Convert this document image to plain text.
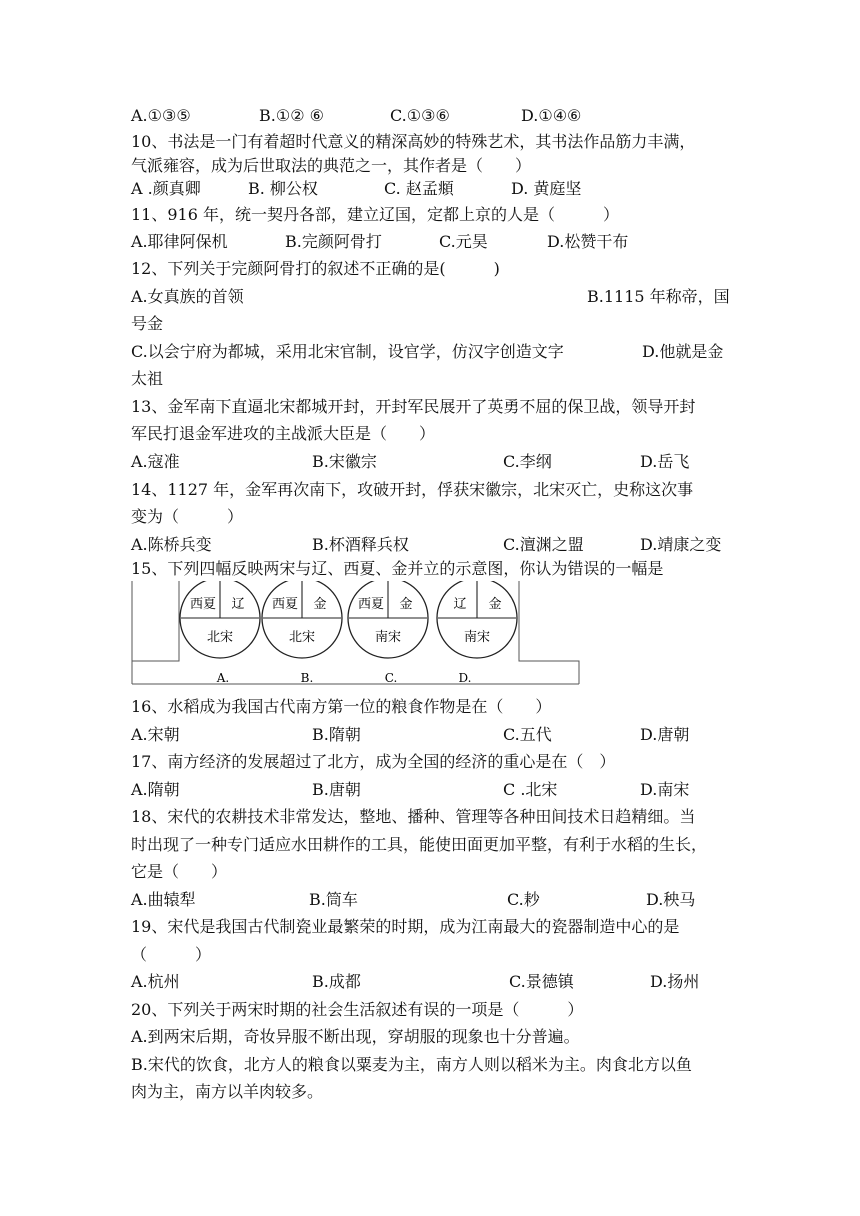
A.①③⑤	B.①② ⑥	C.①③⑥	D.①④⑥
10、书法是一门有着超时代意义的精深高妙的特殊艺术，其书法作品筋力丰满，
气派雍容，成为后世取法的典范之一，其作者是（　　）
A .颜真卿	B. 柳公权	C. 赵孟頫	D. 黄庭坚
11、916 年，统一契丹各部，建立辽国，定都上京的人是（　　　）
A.耶律阿保机	B.完颜阿骨打	C.元昊	D.松赞干布
12、下列关于完颜阿骨打的叙述不正确的是(　　　)
A.女真族的首领	B.1115 年称帝，国
号金
C.以会宁府为都城，采用北宋官制，设官学，仿汉字创造文字	D.他就是金
太祖
13、金军南下直逼北宋都城开封，开封军民展开了英勇不屈的保卫战，领导开封
军民打退金军进攻的主战派大臣是（　　）
A.寇准	B.宋徽宗	C.李纲	D.岳飞
14、1127 年，金军再次南下，攻破开封，俘获宋徽宗，北宋灭亡，史称这次事
变为（　　　）
A.陈桥兵变	B.杯酒释兵权	C.澶渊之盟	D.靖康之变
15、下列四幅反映两宋与辽、西夏、金并立的示意图，你认为错误的一幅是
西夏 辽
北宋
A.
西夏 金
北宋
B.
西夏 金
南宋
C.
辽 金
南宋
D.
16、水稻成为我国古代南方第一位的粮食作物是在（　　）
A.宋朝	B.隋朝	C.五代	D.唐朝
17、南方经济的发展超过了北方，成为全国的经济的重心是在（　）
A.隋朝	B.唐朝	C .北宋	D.南宋
18、宋代的农耕技术非常发达，整地、播种、管理等各种田间技术日趋精细。当
时出现了一种专门适应水田耕作的工具，能使田面更加平整，有利于水稻的生长，
它是（　　）
A.曲辕犁	B.筒车	C.耖	D.秧马
19、宋代是我国古代制瓷业最繁荣的时期，成为江南最大的瓷器制造中心的是
（　　　）
A.杭州	B.成都	C.景德镇	D.扬州
20、下列关于两宋时期的社会生活叙述有误的一项是（　　　）
A.到两宋后期，奇妆异服不断出现，穿胡服的现象也十分普遍。
B.宋代的饮食，北方人的粮食以粟麦为主，南方人则以稻米为主。肉食北方以鱼
肉为主，南方以羊肉较多。
